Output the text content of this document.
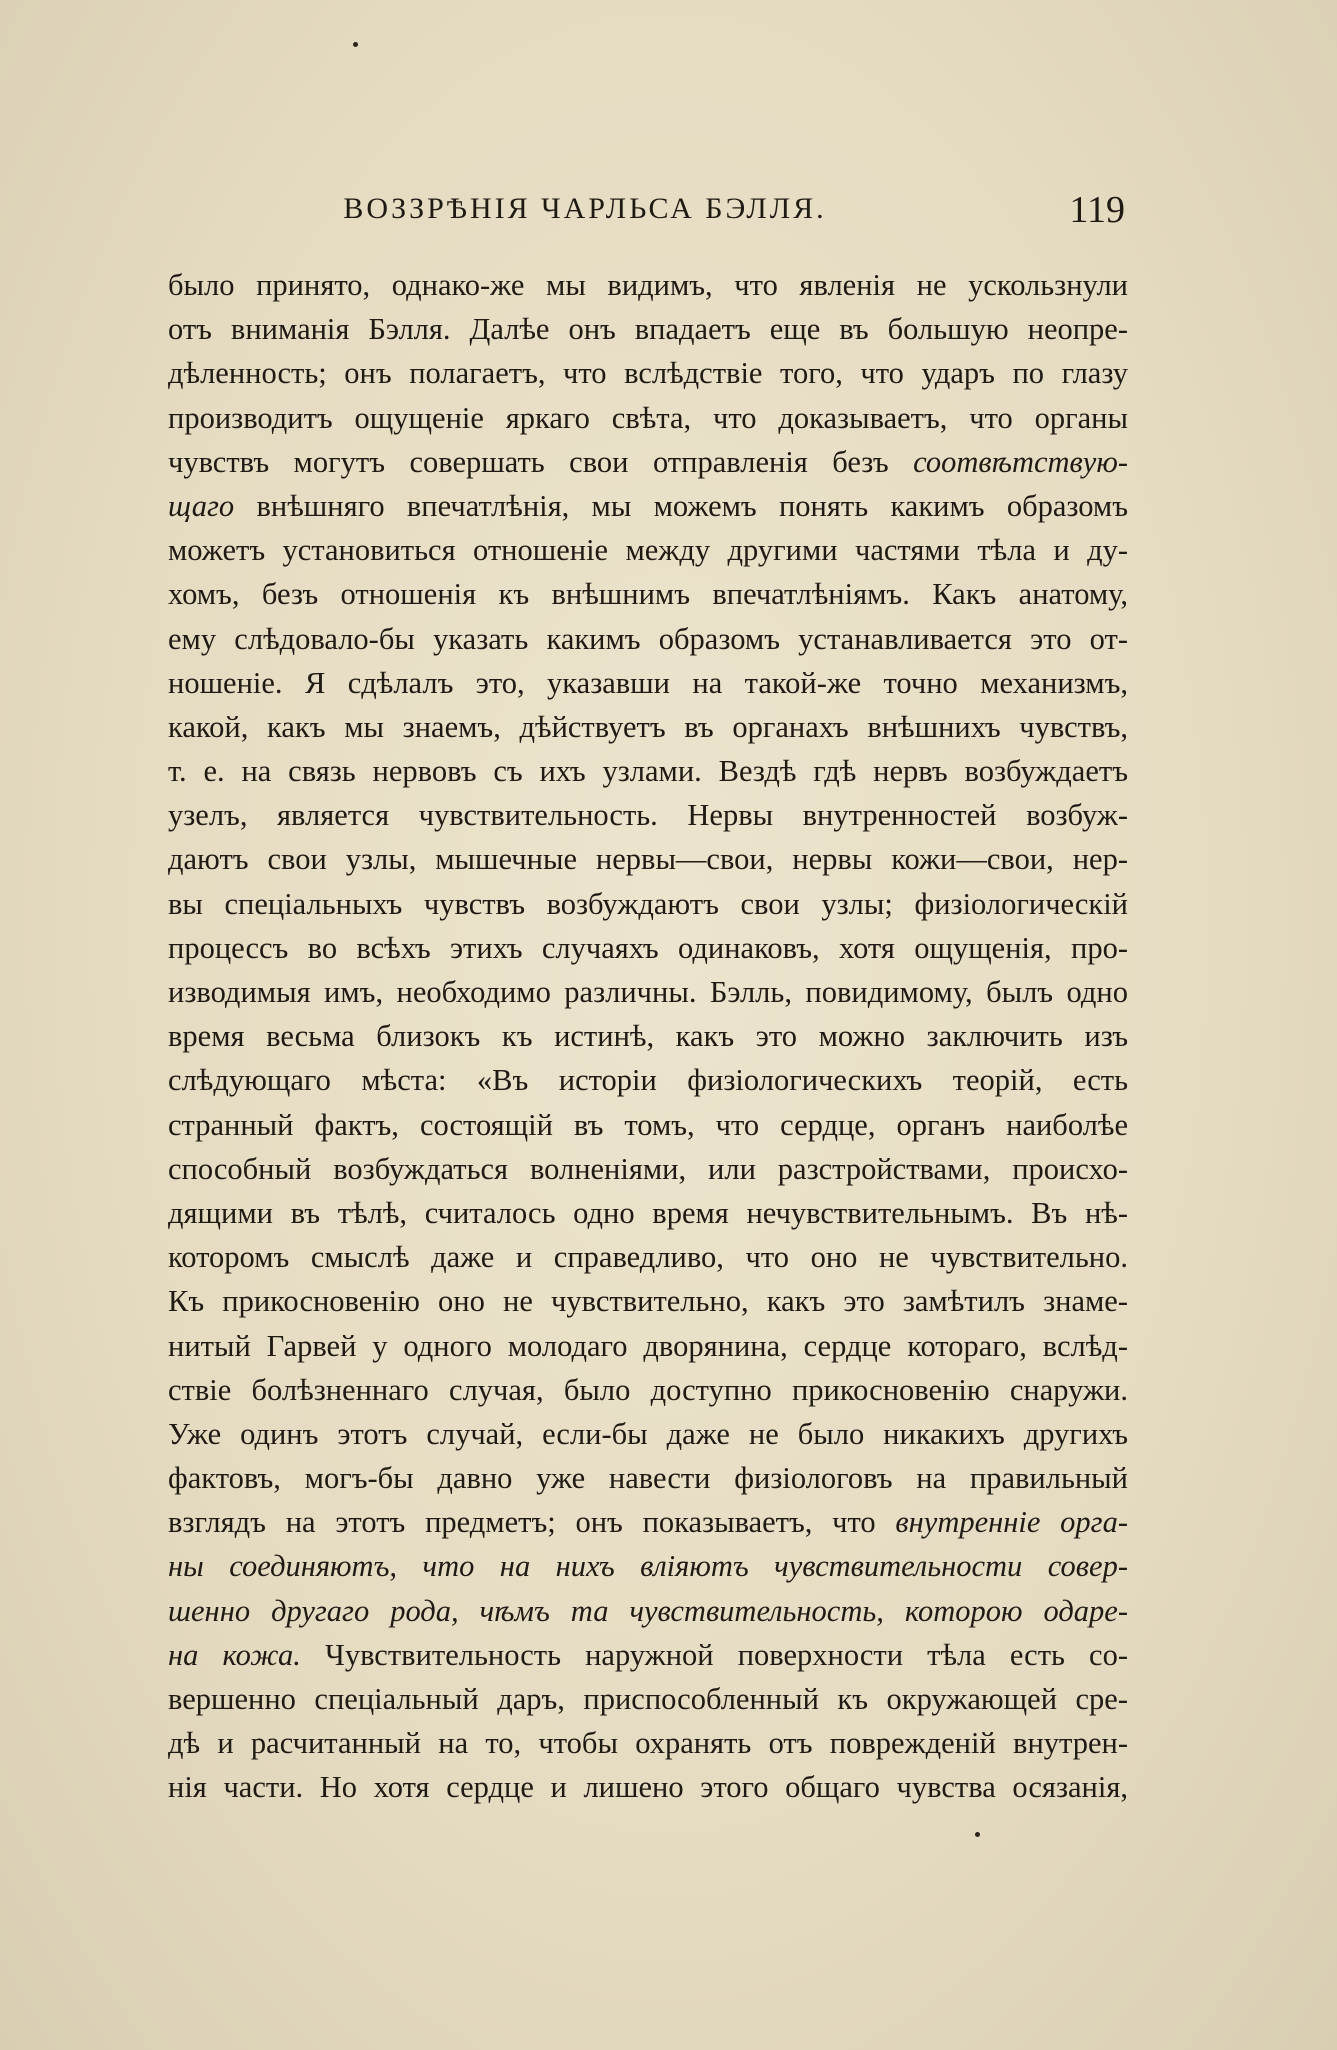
ВОЗЗРѢНІЯ ЧАРЛЬСА БЭЛЛЯ.	119
было принято, однако-же мы видимъ, что явленія не ускользнули
отъ вниманія Бэлля. Далѣе онъ впадаетъ еще въ большую неопре-
дѣленность; онъ полагаетъ, что вслѣдствіе того, что ударъ по глазу
производитъ ощущеніе яркаго свѣта, что доказываетъ, что органы
чувствъ могутъ совершать свои отправленія безъ соотвѣтствую-
щаго внѣшняго впечатлѣнія, мы можемъ понять какимъ образомъ
можетъ установиться отношеніе между другими частями тѣла и ду-
хомъ, безъ отношенія къ внѣшнимъ впечатлѣніямъ. Какъ анатому,
ему слѣдовало-бы указать какимъ образомъ устанавливается это от-
ношеніе. Я сдѣлалъ это, указавши на такой-же точно механизмъ,
какой, какъ мы знаемъ, дѣйствуетъ въ органахъ внѣшнихъ чувствъ,
т. е. на связь нервовъ съ ихъ узлами. Вездѣ гдѣ нервъ возбуждаетъ
узелъ, является чувствительность. Нервы внутренностей возбуж-
даютъ свои узлы, мышечные нервы—свои, нервы кожи—свои, нер-
вы спеціальныхъ чувствъ возбуждаютъ свои узлы; физіологическій
процессъ во всѣхъ этихъ случаяхъ одинаковъ, хотя ощущенія, про-
изводимыя имъ, необходимо различны. Бэлль, повидимому, былъ одно
время весьма близокъ къ истинѣ, какъ это можно заключить изъ
слѣдующаго мѣста: «Въ исторіи физіологическихъ теорій, есть
странный фактъ, состоящій въ томъ, что сердце, органъ наиболѣе
способный возбуждаться волненіями, или разстройствами, происхо-
дящими въ тѣлѣ, считалось одно время нечувствительнымъ. Въ нѣ-
которомъ смыслѣ даже и справедливо, что оно не чувствительно.
Къ прикосновенію оно не чувствительно, какъ это замѣтилъ знаме-
нитый Гарвей у одного молодаго дворянина, сердце котораго, вслѣд-
ствіе болѣзненнаго случая, было доступно прикосновенію снаружи.
Уже одинъ этотъ случай, если-бы даже не было никакихъ другихъ
фактовъ, могъ-бы давно уже навести физіологовъ на правильный
взглядъ на этотъ предметъ; онъ показываетъ, что внутренніе орга-
ны соединяютъ, что на нихъ вліяютъ чувствительности совер-
шенно другаго рода, чѣмъ та чувствительность, которою одаре-
на кожа. Чувствительность наружной поверхности тѣла есть со-
вершенно спеціальный даръ, приспособленный къ окружающей сре-
дѣ и расчитанный на то, чтобы охранять отъ поврежденій внутрен-
нія части. Но хотя сердце и лишено этого общаго чувства осязанія,
